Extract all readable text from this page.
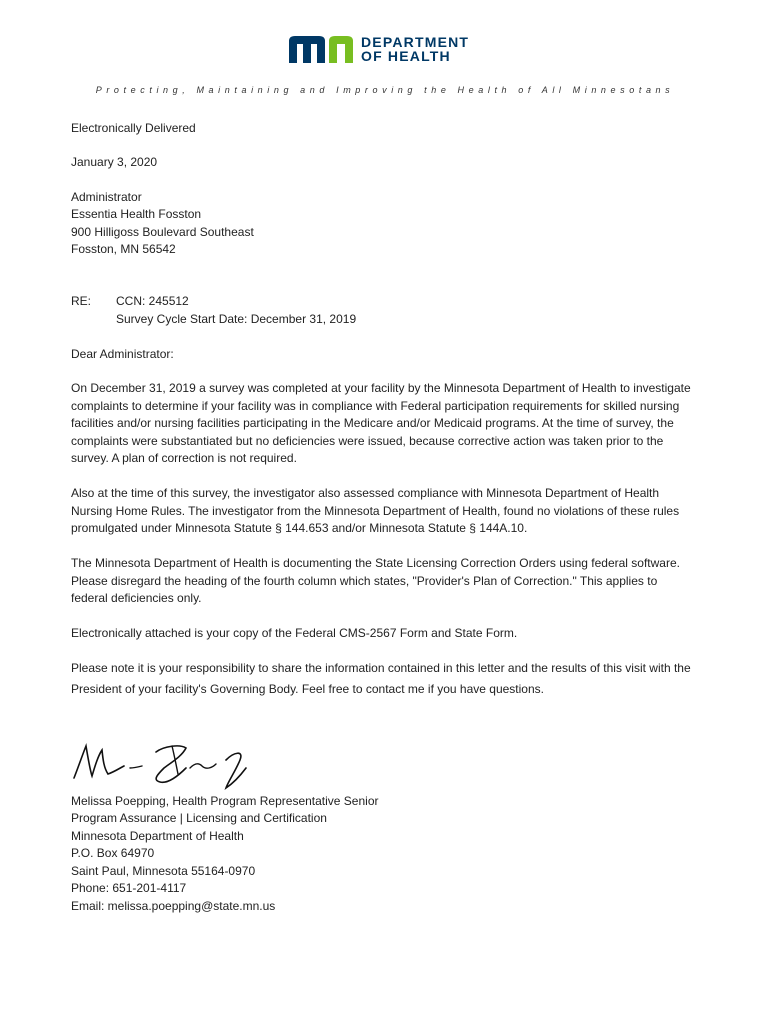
DEPARTMENT
OF HEALTH
Protecting, Maintaining and Improving the Health of All Minnesotans

Electronically Delivered

January 3, 2020

Administrator

Essentia Health Fosston

900 Hilligoss Boulevard Southeast

Fosston, MN 56542

RE: CCN: 245512
Survey Cycle Start Date: December 31, 2019

Dear Administrator:

On December 31, 2019 a survey was completed at your facility by the Minnesota Department of Health to investigate complaints to determine if your facility was in compliance with Federal participation requirements for skilled nursing facilities and/or nursing facilities participating in the Medicare and/or Medicaid programs. At the time of survey, the complaints were substantiated but no deficiencies were issued, because corrective action was taken prior to the survey. A plan of correction is not required.

Also at the time of this survey, the investigator also assessed compliance with Minnesota Department of Health Nursing Home Rules. The investigator from the Minnesota Department of Health, found no violations of these rules promulgated under Minnesota Statute § 144.653 and/or Minnesota Statute § 144A.10.

The Minnesota Department of Health is documenting the State Licensing Correction Orders using federal software. Please disregard the heading of the fourth column which states, "Provider's Plan of Correction." This applies to federal deficiencies only.

Electronically attached is your copy of the Federal CMS-2567 Form and State Form.

Please note it is your responsibility to share the information contained in this letter and the results of this visit with the President of your facility's Governing Body. Feel free to contact me if you have questions.

Melissa Poepping, Health Program Representative Senior

Program Assurance | Licensing and Certification

Minnesota Department of Health

P.O. Box 64970

Saint Paul, Minnesota 55164-0970

Phone: 651-201-4117

Email: melissa.poepping@state.mn.us
